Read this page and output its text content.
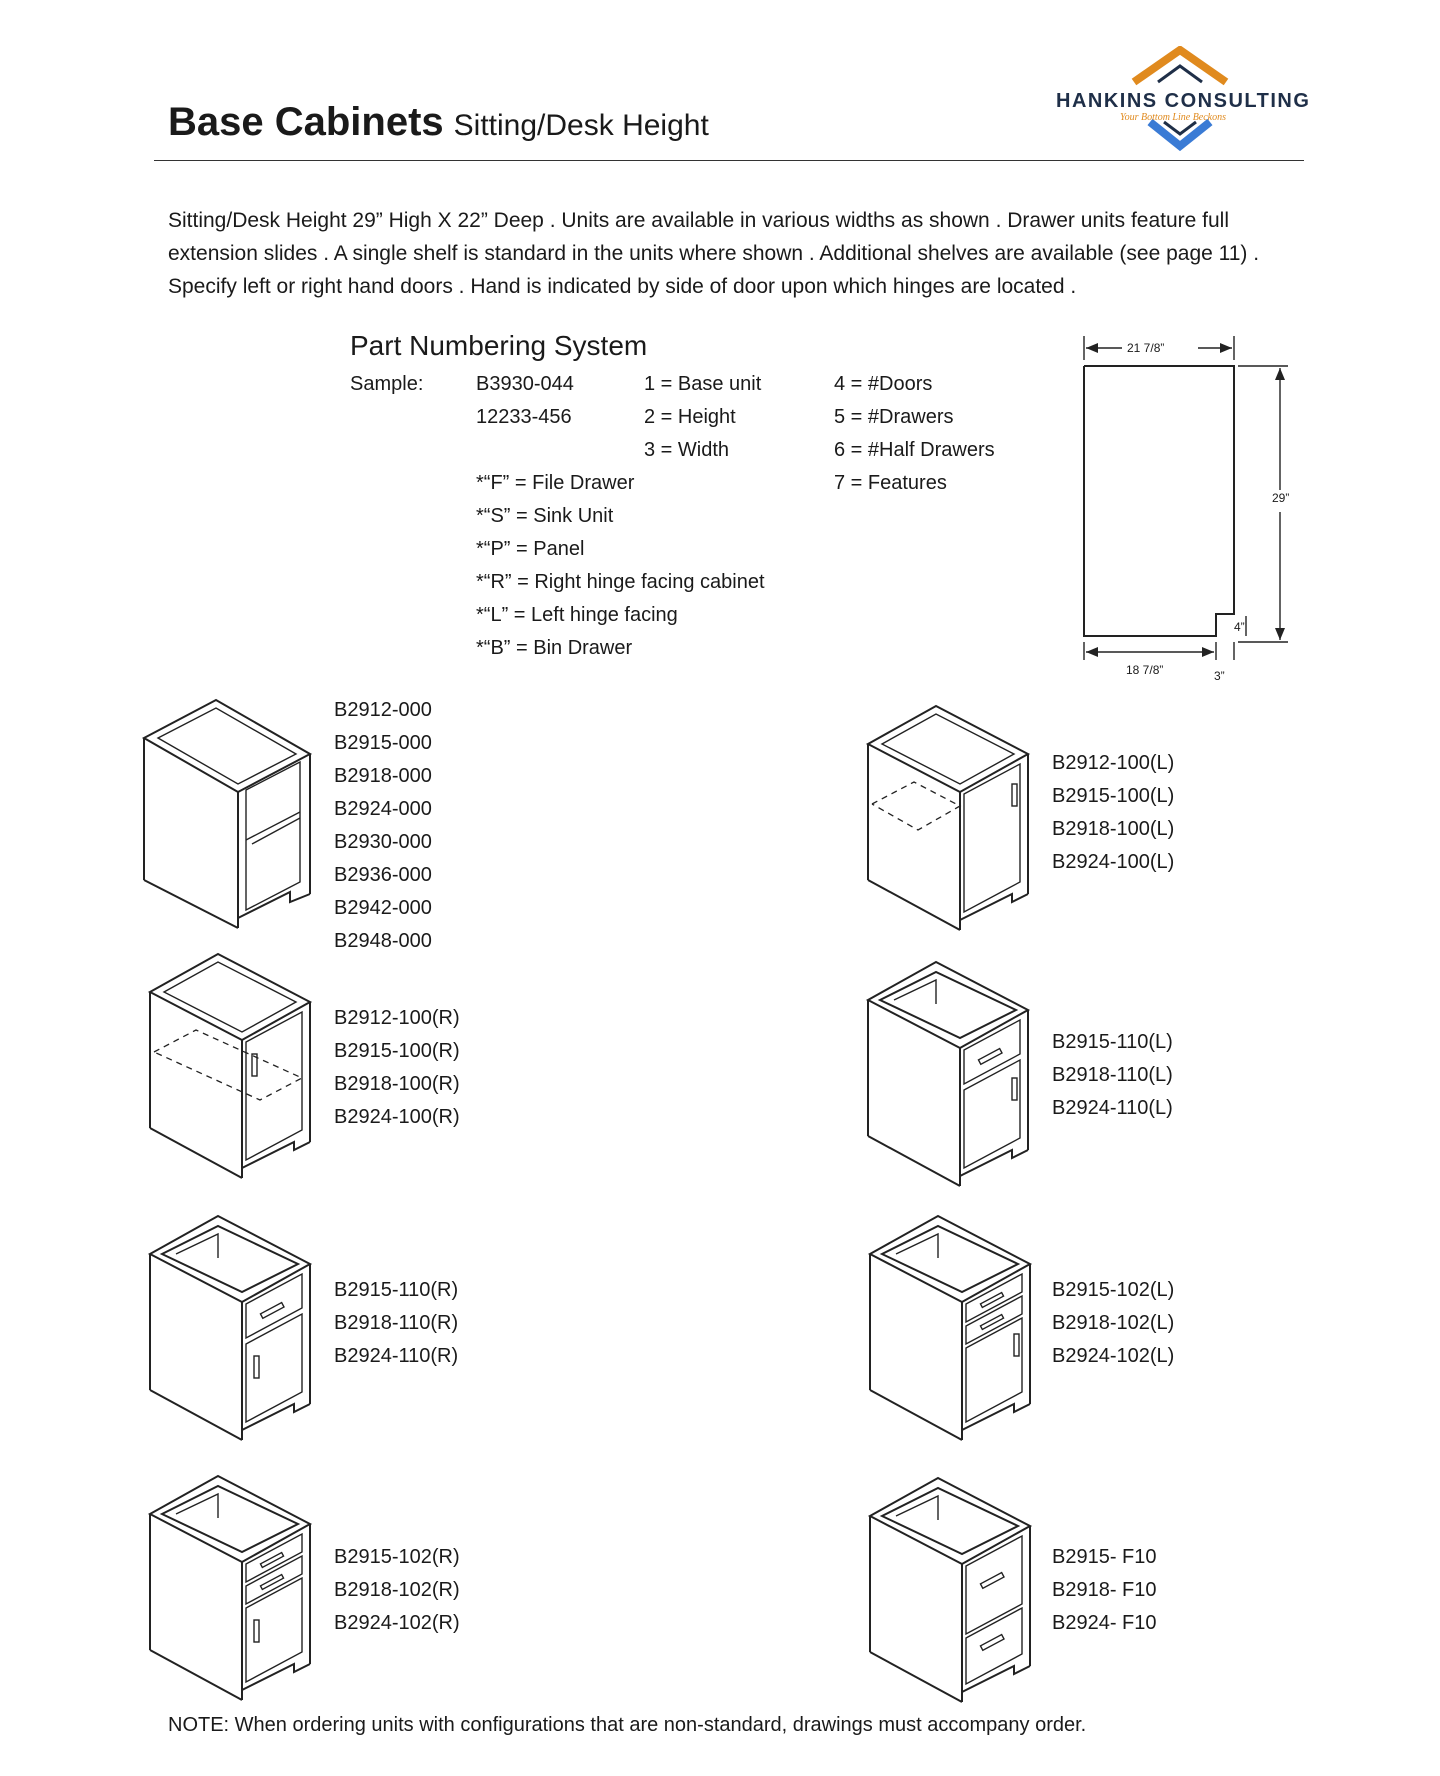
Base Cabinets Sitting/Desk Height
HANKINS CONSULTING
Your Bottom Line Beckons
Sitting/Desk Height 29” High X 22” Deep . Units are available in various widths as shown . Drawer units feature full
extension slides . A single shelf is standard in the units where shown . Additional shelves are available (see page 11) .
Specify left or right hand doors . Hand is indicated by side of door upon which hinges are located .
Part Numbering System
Sample:	B3930-044
12233-456
1 = Base unit
2 = Height
3 = Width
4 = #Doors
5 = #Drawers
6 = #Half Drawers
7 = Features
*“F” = File Drawer
*“S” = Sink Unit
*“P” = Panel
*“R” = Right hinge facing cabinet
*“L” = Left hinge facing
*“B” = Bin Drawer
21 7/8”
29”
4”
18 7/8”	3”
B2912-000
B2915-000
B2918-000
B2924-000
B2930-000
B2936-000
B2942-000
B2948-000
B2912-100(L)
B2915-100(L)
B2918-100(L)
B2924-100(L)
B2912-100(R)
B2915-100(R)
B2918-100(R)
B2924-100(R)
B2915-110(L)
B2918-110(L)
B2924-110(L)
B2915-110(R)
B2918-110(R)
B2924-110(R)
B2915-102(L)
B2918-102(L)
B2924-102(L)
B2915-102(R)
B2918-102(R)
B2924-102(R)
B2915- F10
B2918- F10
B2924- F10
NOTE: When ordering units with configurations that are non-standard, drawings must accompany order.
